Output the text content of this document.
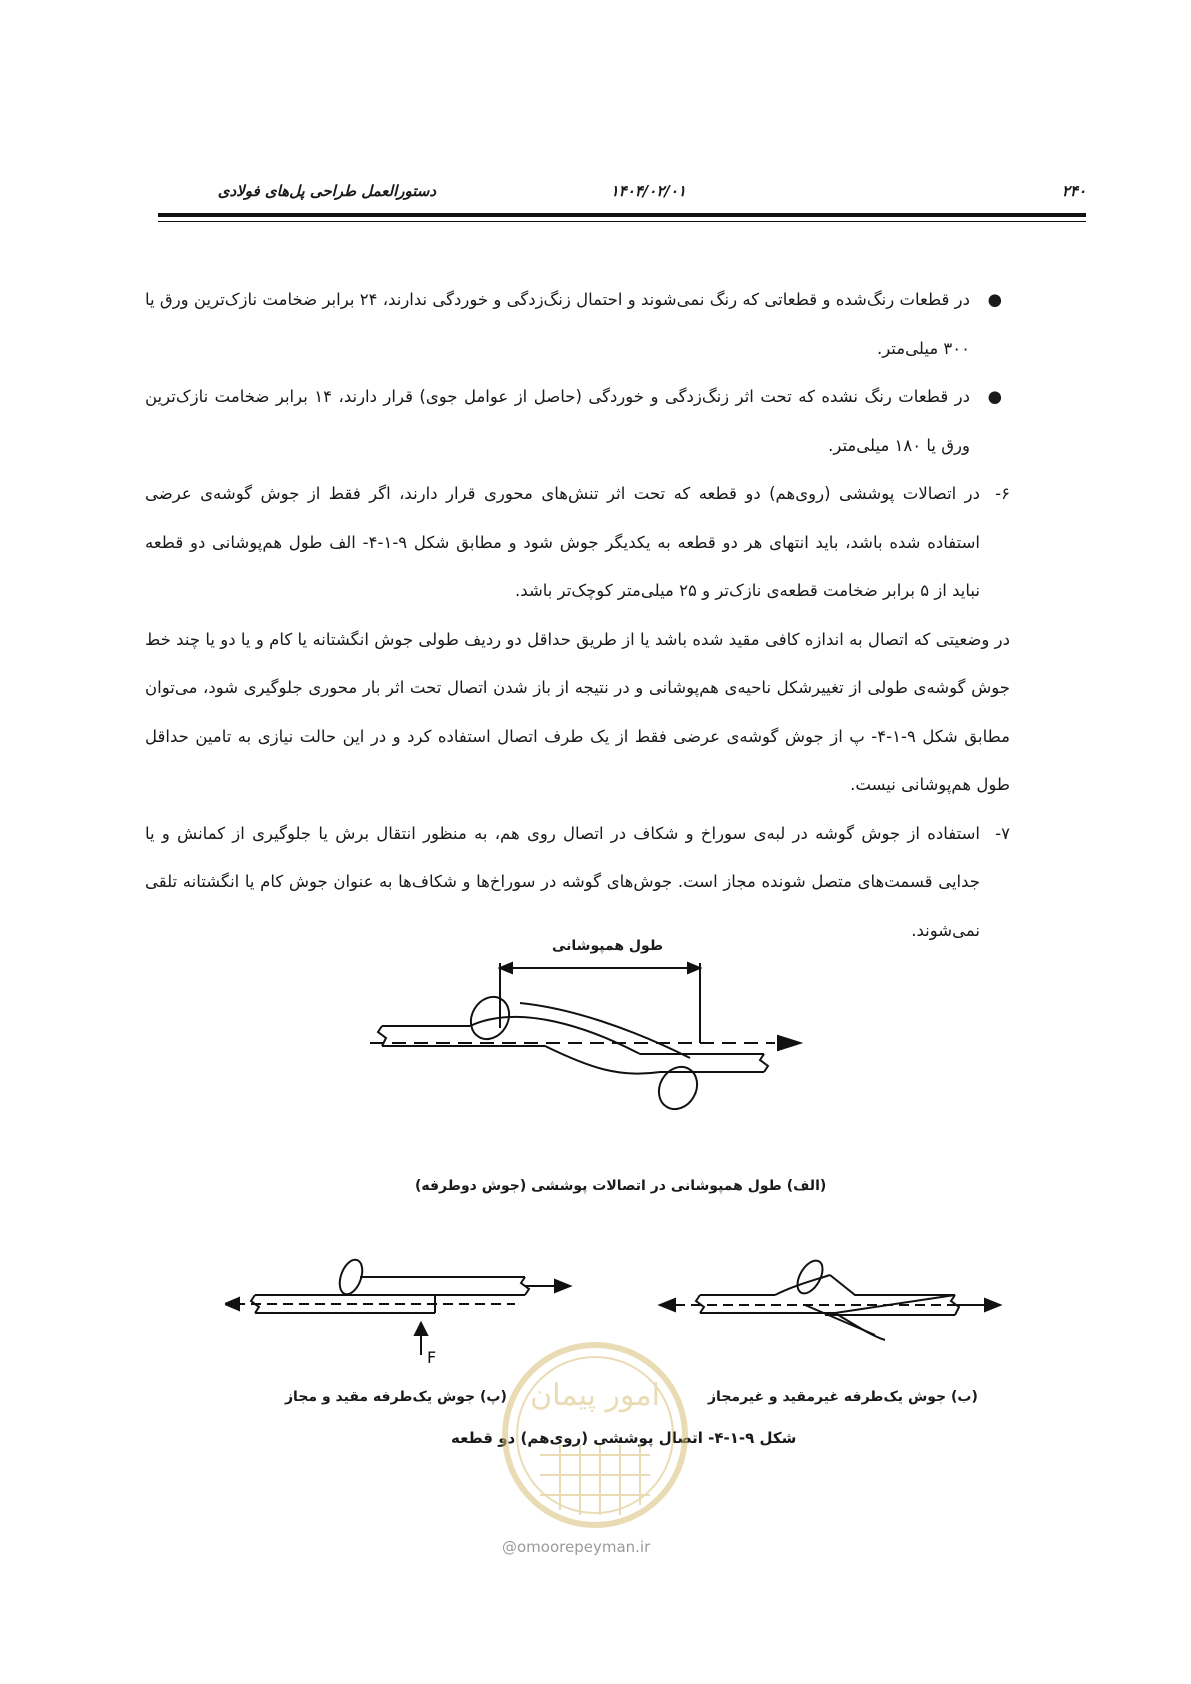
۲۴۰
۱۴۰۴/۰۲/۰۱
دستورالعمل طراحی پل‌های فولادی

●
در قطعات رنگ‌شده و قطعاتی که رنگ نمی‌شوند و احتمال زنگ‌زدگی و خوردگی ندارند، ۲۴ برابر ضخامت نازک‌ترین ورق یا ۳۰۰ میلی‌متر.

●
در قطعات رنگ نشده که تحت اثر زنگ‌زدگی و خوردگی (حاصل از عوامل جوی) قرار دارند، ۱۴ برابر ضخامت نازک‌ترین ورق یا ۱۸۰ میلی‌متر.

۶-
در اتصالات پوششی (روی‌هم) دو قطعه که تحت اثر تنش‌های محوری قرار دارند، اگر فقط از جوش گوشه‌ی عرضی استفاده شده باشد، باید انتهای هر دو قطعه به یکدیگر جوش شود و مطابق شکل ۹-۱-۴- الف طول هم‌پوشانی دو قطعه نباید از ۵ برابر ضخامت قطعه‌ی نازک‌تر و ۲۵ میلی‌متر کوچک‌تر باشد.

در وضعیتی که اتصال به اندازه کافی مقید شده باشد یا از طریق حداقل دو ردیف طولی جوش انگشتانه یا کام و یا دو یا چند خط جوش گوشه‌ی طولی از تغییرشکل ناحیه‌ی هم‌پوشانی و در نتیجه از باز شدن اتصال تحت اثر بار محوری جلوگیری شود، می‌توان مطابق شکل ۹-۱-۴- پ از جوش گوشه‌ی عرضی فقط از یک طرف اتصال استفاده کرد و در این حالت نیازی به تامین حداقل طول هم‌پوشانی نیست.

۷-
استفاده از جوش گوشه در لبه‌ی سوراخ و شکاف در اتصال روی هم، به منظور انتقال برش یا جلوگیری از کمانش و یا جدایی قسمت‌های متصل شونده مجاز است. جوش‌های گوشه در سوراخ‌ها و شکاف‌ها به عنوان جوش کام یا انگشتانه تلقی نمی‌شوند.

طول همپوشانی
(الف) طول همپوشانی در اتصالات پوششی (جوش دوطرفه)
F
(پ) جوش یک‌طرفه مقید و مجاز	(ب) جوش یک‌طرفه غیرمقید و غیرمجاز
شکل ۹-۱-۴- اتصال پوششی (روی‌هم) دو قطعه
امور پیمان
@omoorepeyman.ir
